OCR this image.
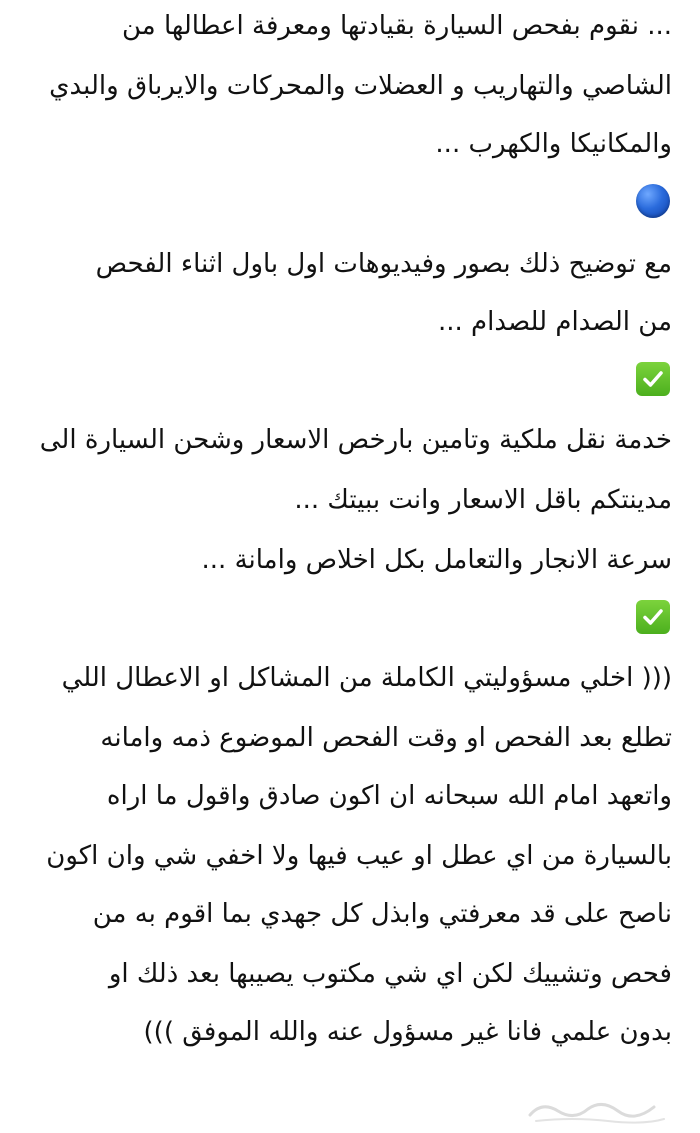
... نقوم بفحص السيارة بقيادتها ومعرفة اعطالها من
الشاصي والتهاريب و العضلات والمحركات والايرباق والبدي
والمكانيكا والكهرب ...
مع توضيح ذلك بصور وفيديوهات اول باول اثناء الفحص
من الصدام للصدام ...
خدمة نقل ملكية وتامين بارخص الاسعار وشحن السيارة الى
مدينتكم باقل الاسعار وانت ببيتك ...
سرعة الانجار والتعامل بكل اخلاص وامانة ...
((( اخلي مسؤوليتي الكاملة من المشاكل او الاعطال اللي
تطلع بعد الفحص او وقت الفحص الموضوع ذمه وامانه
واتعهد امام الله سبحانه ان اكون صادق واقول ما اراه
بالسيارة من اي عطل او عيب فيها ولا اخفي شي وان اكون
ناصح على قد معرفتي وابذل كل جهدي بما اقوم به من
فحص وتشييك لكن اي شي مكتوب يصيبها بعد ذلك او
بدون علمي فانا غير مسؤول عنه والله الموفق )))
